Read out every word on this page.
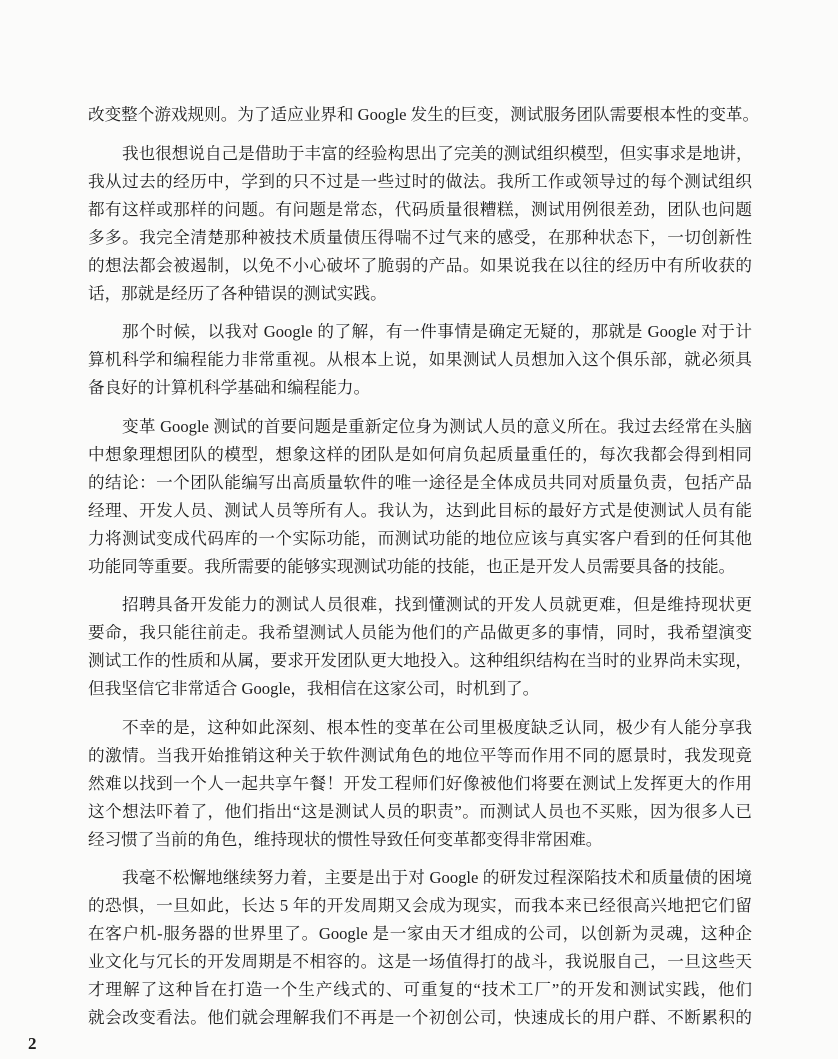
改变整个游戏规则。为了适应业界和 Google 发生的巨变，测试服务团队需要根本性的变革。
我也很想说自己是借助于丰富的经验构思出了完美的测试组织模型，但实事求是地讲，
我从过去的经历中，学到的只不过是一些过时的做法。我所工作或领导过的每个测试组织
都有这样或那样的问题。有问题是常态，代码质量很糟糕，测试用例很差劲，团队也问题
多多。我完全清楚那种被技术质量债压得喘不过气来的感受，在那种状态下，一切创新性
的想法都会被遏制，以免不小心破坏了脆弱的产品。如果说我在以往的经历中有所收获的
话，那就是经历了各种错误的测试实践。
那个时候，以我对 Google 的了解，有一件事情是确定无疑的，那就是 Google 对于计
算机科学和编程能力非常重视。从根本上说，如果测试人员想加入这个俱乐部，就必须具
备良好的计算机科学基础和编程能力。
变革 Google 测试的首要问题是重新定位身为测试人员的意义所在。我过去经常在头脑
中想象理想团队的模型，想象这样的团队是如何肩负起质量重任的，每次我都会得到相同
的结论：一个团队能编写出高质量软件的唯一途径是全体成员共同对质量负责，包括产品
经理、开发人员、测试人员等所有人。我认为，达到此目标的最好方式是使测试人员有能
力将测试变成代码库的一个实际功能，而测试功能的地位应该与真实客户看到的任何其他
功能同等重要。我所需要的能够实现测试功能的技能，也正是开发人员需要具备的技能。
招聘具备开发能力的测试人员很难，找到懂测试的开发人员就更难，但是维持现状更
要命，我只能往前走。我希望测试人员能为他们的产品做更多的事情，同时，我希望演变
测试工作的性质和从属，要求开发团队更大地投入。这种组织结构在当时的业界尚未实现，
但我坚信它非常适合 Google，我相信在这家公司，时机到了。
不幸的是，这种如此深刻、根本性的变革在公司里极度缺乏认同，极少有人能分享我
的激情。当我开始推销这种关于软件测试角色的地位平等而作用不同的愿景时，我发现竟
然难以找到一个人一起共享午餐！开发工程师们好像被他们将要在测试上发挥更大的作用
这个想法吓着了，他们指出“这是测试人员的职责”。而测试人员也不买账，因为很多人已
经习惯了当前的角色，维持现状的惯性导致任何变革都变得非常困难。
我毫不松懈地继续努力着，主要是出于对 Google 的研发过程深陷技术和质量债的困境
的恐惧，一旦如此，长达 5 年的开发周期又会成为现实，而我本来已经很高兴地把它们留
在客户机-服务器的世界里了。Google 是一家由天才组成的公司，以创新为灵魂，这种企
业文化与冗长的开发周期是不相容的。这是一场值得打的战斗，我说服自己，一旦这些天
才理解了这种旨在打造一个生产线式的、可重复的“技术工厂”的开发和测试实践，他们
就会改变看法。他们就会理解我们不再是一个初创公司，快速成长的用户群、不断累积的
2
